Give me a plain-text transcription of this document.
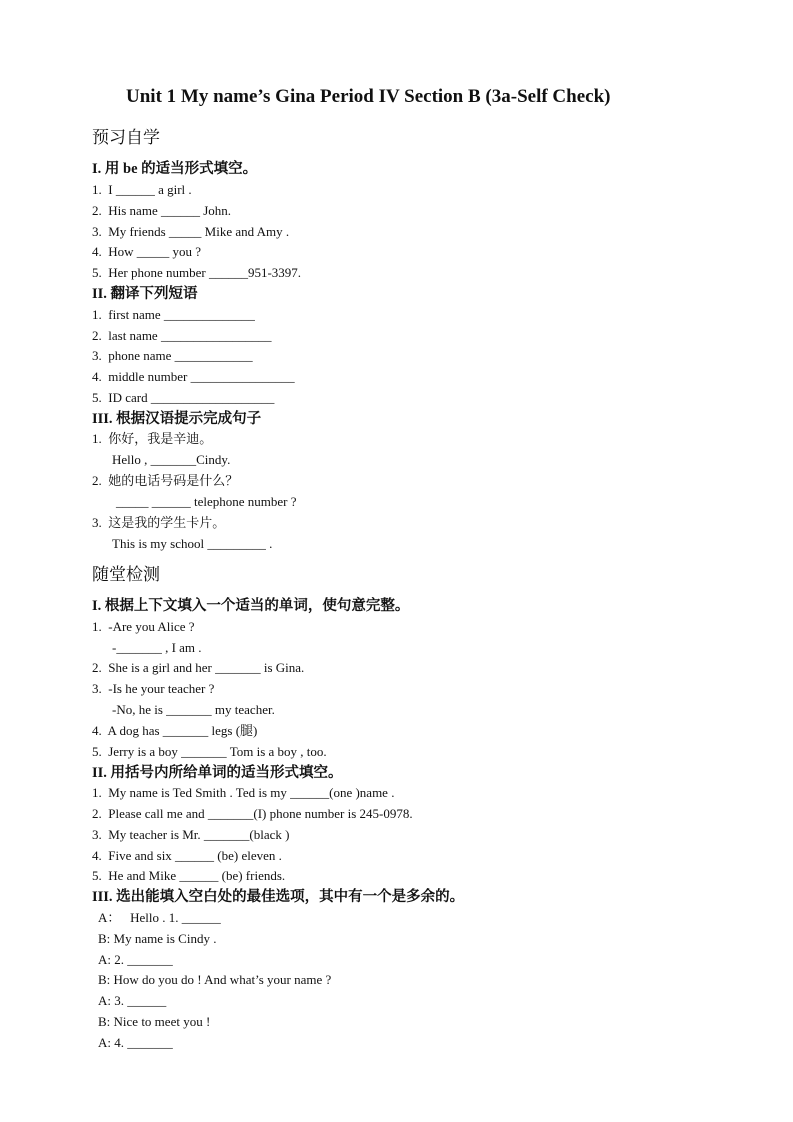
Unit 1 My name’s Gina Period IV Section B (3a-Self Check)
预习自学
I. 用 be 的适当形式填空。
1.  I ______ a girl .
2.  His name ______ John.
3.  My friends _____ Mike and Amy .
4.  How _____ you ?
5.  Her phone number ______951-3397.
II. 翻译下列短语
1.  first name ______________
2.  last name _________________
3.  phone name ____________
4.  middle number ________________
5.  ID card ___________________
III. 根据汉语提示完成句子
1.  你好，我是辛迪。
Hello , _______Cindy.
2.  她的电话号码是什么？
_____ ______ telephone number ?
3.  这是我的学生卡片。
This is my school _________ .
随堂检测
I. 根据上下文填入一个适当的单词，使句意完整。
1.  -Are you Alice ?
-_______ , I am .
2.  She is a girl and her _______ is Gina.
3.  -Is he your teacher ?
-No, he is _______ my teacher.
4.  A dog has _______ legs (腿)
5.  Jerry is a boy _______ Tom is a boy , too.
II. 用括号内所给单词的适当形式填空。
1.  My name is Ted Smith . Ted is my ______(one )name .
2.  Please call me and _______(I) phone number is 245-0978.
3.  My teacher is Mr. _______(black )
4.  Five and six ______ (be) eleven .
5.  He and Mike ______ (be) friends.
III. 选出能填入空白处的最佳选项，其中有一个是多余的。
A：   Hello . 1. ______
B: My name is Cindy .
A: 2. _______
B: How do you do ! And what’s your name ?
A: 3. ______
B: Nice to meet you !
A: 4. _______
